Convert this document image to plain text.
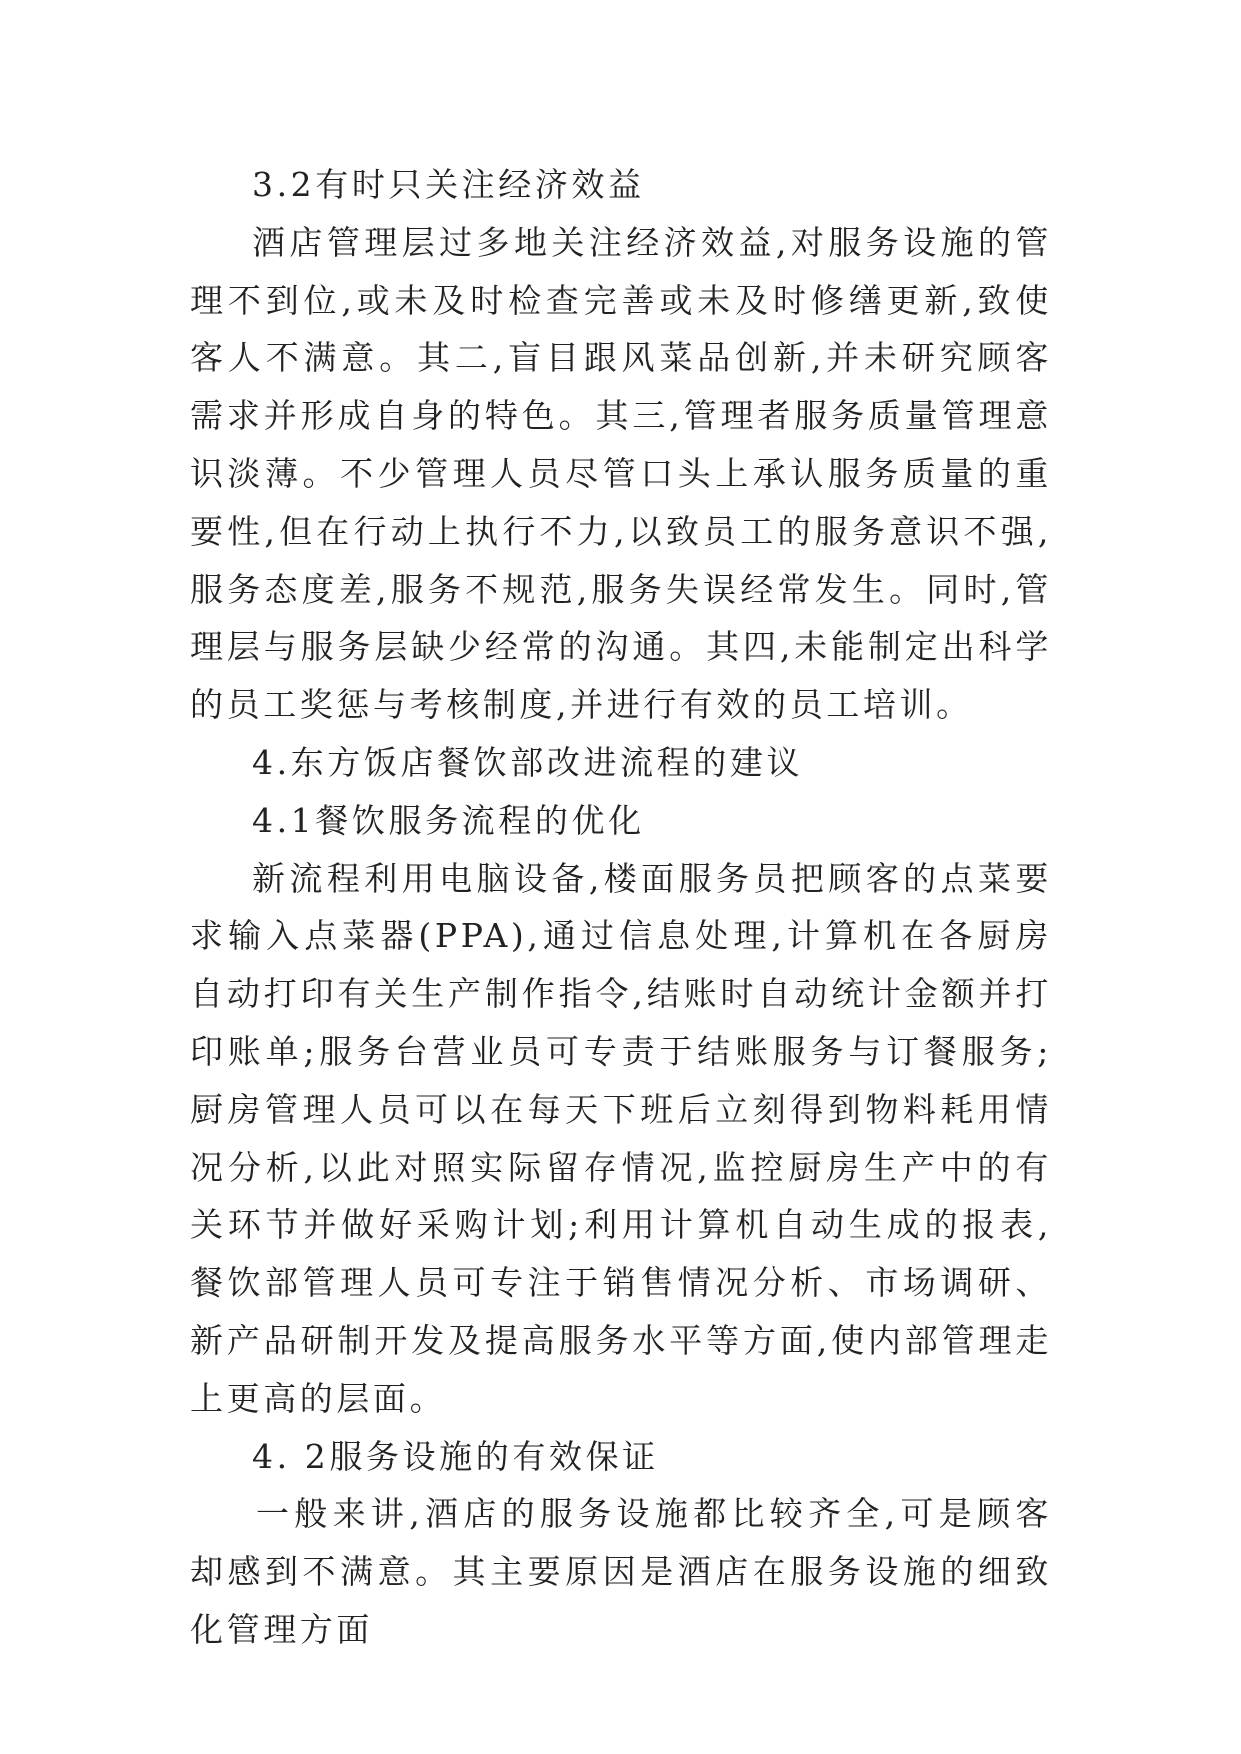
3.2有时只关注经济效益

酒店管理层过多地关注经济效益,对服务设施的管理不到位,或未及时检查完善或未及时修缮更新,致使客人不满意。其二,盲目跟风菜品创新,并未研究顾客需求并形成自身的特色。其三,管理者服务质量管理意识淡薄。不少管理人员尽管口头上承认服务质量的重要性,但在行动上执行不力,以致员工的服务意识不强,服务态度差,服务不规范,服务失误经常发生。同时,管理层与服务层缺少经常的沟通。其四,未能制定出科学的员工奖惩与考核制度,并进行有效的员工培训。

4.东方饭店餐饮部改进流程的建议

4.1餐饮服务流程的优化

新流程利用电脑设备,楼面服务员把顾客的点菜要求输入点菜器(PPA),通过信息处理,计算机在各厨房自动打印有关生产制作指令,结账时自动统计金额并打印账单;服务台营业员可专责于结账服务与订餐服务;厨房管理人员可以在每天下班后立刻得到物料耗用情况分析,以此对照实际留存情况,监控厨房生产中的有关环节并做好采购计划;利用计算机自动生成的报表,餐饮部管理人员可专注于销售情况分析、市场调研、新产品研制开发及提高服务水平等方面,使内部管理走上更高的层面。

4. 2服务设施的有效保证

一般来讲,酒店的服务设施都比较齐全,可是顾客却感到不满意。其主要原因是酒店在服务设施的细致化管理方面
